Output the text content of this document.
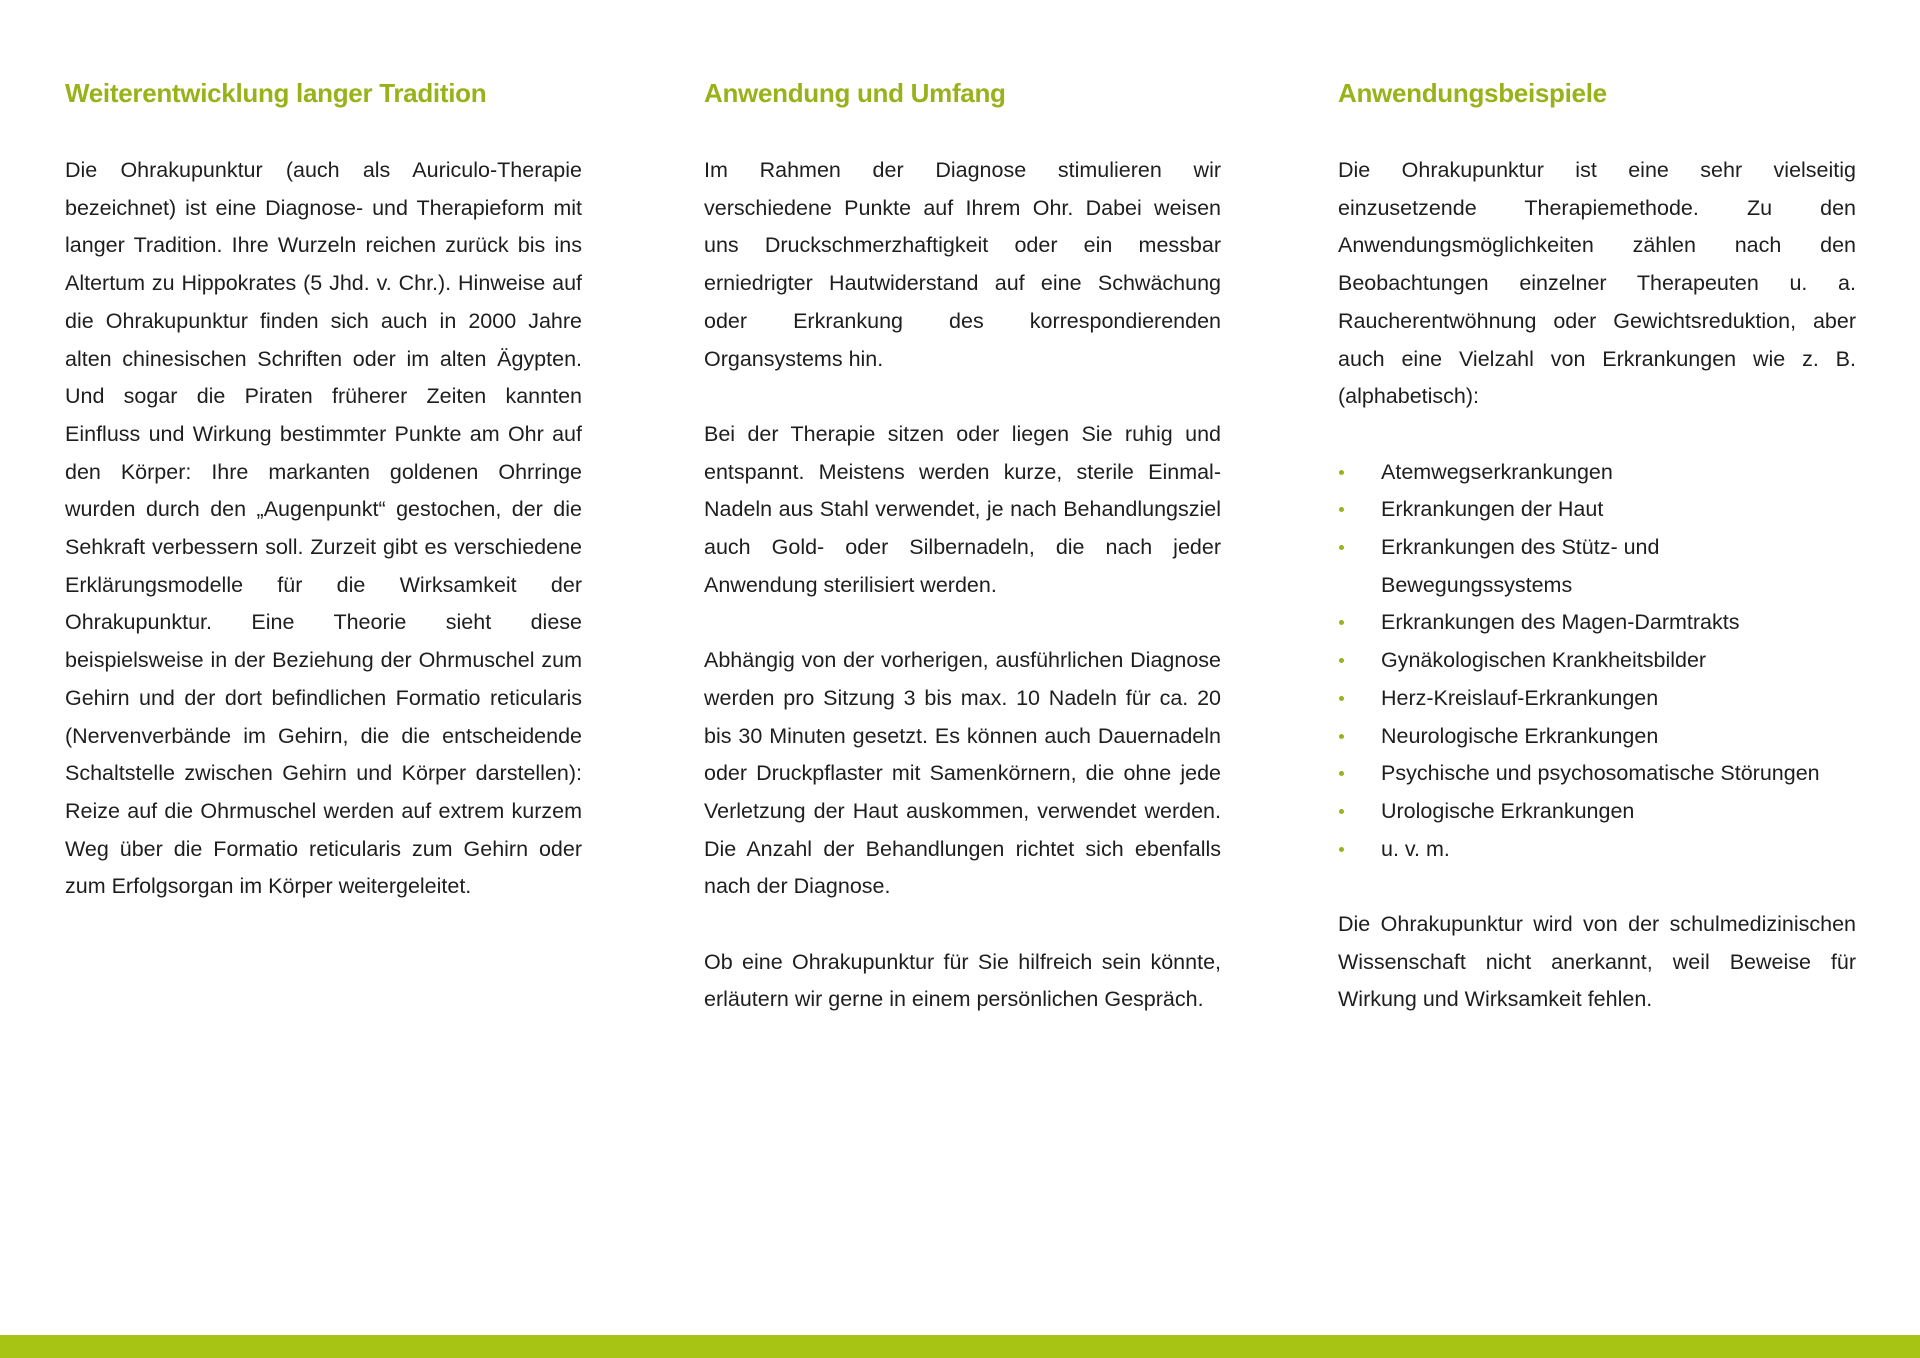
Weiterentwicklung langer Tradition

Die Ohrakupunktur (auch als Auriculo-Therapie bezeichnet) ist eine Diagnose- und Therapieform mit langer Tradition. Ihre Wurzeln reichen zurück bis ins Altertum zu Hippokrates (5 Jhd. v. Chr.). Hinweise auf die Ohrakupunktur finden sich auch in 2000 Jahre alten chinesischen Schriften oder im alten Ägypten. Und sogar die Piraten früherer Zeiten kannten Einfluss und Wirkung bestimmter Punkte am Ohr auf den Körper: Ihre markanten goldenen Ohrringe wurden durch den „Augenpunkt“ gestochen, der die Sehkraft verbessern soll. Zurzeit gibt es verschiedene Erklärungsmodelle für die Wirksamkeit der Ohrakupunktur. Eine Theorie sieht diese beispielsweise in der Beziehung der Ohrmuschel zum Gehirn und der dort befindlichen Formatio reticularis (Nervenverbände im Gehirn, die die entscheidende Schaltstelle zwischen Gehirn und Körper darstellen): Reize auf die Ohrmuschel werden auf extrem kurzem Weg über die Formatio reticularis zum Gehirn oder zum Erfolgsorgan im Körper weitergeleitet.

Anwendung und Umfang

Im Rahmen der Diagnose stimulieren wir verschiedene Punkte auf Ihrem Ohr. Dabei weisen uns Druckschmerzhaftigkeit oder ein messbar erniedrigter Hautwiderstand auf eine Schwächung oder Erkrankung des korrespondierenden Organsystems hin.

Bei der Therapie sitzen oder liegen Sie ruhig und entspannt. Meistens werden kurze, sterile Einmal-Nadeln aus Stahl verwendet, je nach Behandlungsziel auch Gold- oder Silbernadeln, die nach jeder Anwendung sterilisiert werden.

Abhängig von der vorherigen, ausführlichen Diagnose werden pro Sitzung 3 bis max. 10 Nadeln für ca. 20 bis 30 Minuten gesetzt. Es können auch Dauernadeln oder Druckpflaster mit Samenkörnern, die ohne jede Verletzung der Haut auskommen, verwendet werden. Die Anzahl der Behandlungen richtet sich ebenfalls nach der Diagnose.

Ob eine Ohrakupunktur für Sie hilfreich sein könnte, erläutern wir gerne in einem persönlichen Gespräch.

Anwendungsbeispiele

Die Ohrakupunktur ist eine sehr vielseitig einzusetzende Therapiemethode. Zu den Anwendungsmöglichkeiten zählen nach den Beobachtungen einzelner Therapeuten u. a. Raucherentwöhnung oder Gewichtsreduktion, aber auch eine Vielzahl von Erkrankungen wie z. B. (alphabetisch):

Atemwegserkrankungen
Erkrankungen der Haut
Erkrankungen des Stütz- und Bewegungssystems
Erkrankungen des Magen-Darmtrakts
Gynäkologischen Krankheitsbilder
Herz-Kreislauf-Erkrankungen
Neurologische Erkrankungen
Psychische und psychosomatische Störungen
Urologische Erkrankungen
u. v. m.

Die Ohrakupunktur wird von der schulmedizinischen Wissenschaft nicht anerkannt, weil Beweise für Wirkung und Wirksamkeit fehlen.
